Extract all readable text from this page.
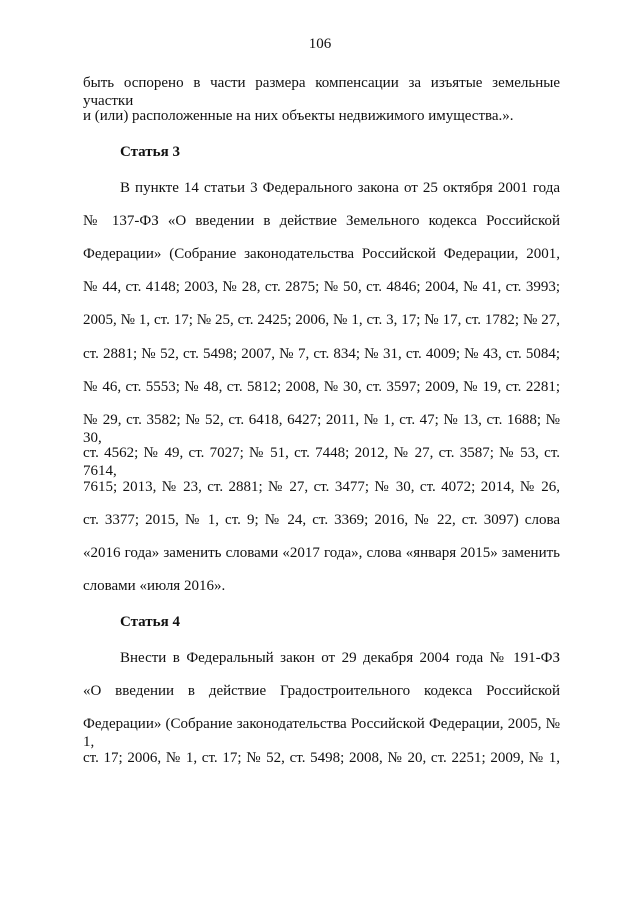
106
быть оспорено в части размера компенсации за изъятые земельные участки
и (или) расположенные на них объекты недвижимого имущества.».
Статья 3
В пункте 14 статьи 3 Федерального закона от 25 октября 2001 года
№ 137-ФЗ «О введении в действие Земельного кодекса Российской
Федерации» (Собрание законодательства Российской Федерации, 2001,
№ 44, ст. 4148; 2003, № 28, ст. 2875; № 50, ст. 4846; 2004, № 41, ст. 3993;
2005, № 1, ст. 17; № 25, ст. 2425; 2006, № 1, ст. 3, 17; № 17, ст. 1782; № 27,
ст. 2881; № 52, ст. 5498; 2007, № 7, ст. 834; № 31, ст. 4009; № 43, ст. 5084;
№ 46, ст. 5553; № 48, ст. 5812; 2008, № 30, ст. 3597; 2009, № 19, ст. 2281;
№ 29, ст. 3582; № 52, ст. 6418, 6427; 2011, № 1, ст. 47; № 13, ст. 1688; № 30,
ст. 4562; № 49, ст. 7027; № 51, ст. 7448; 2012, № 27, ст. 3587; № 53, ст. 7614,
7615; 2013, № 23, ст. 2881; № 27, ст. 3477; № 30, ст. 4072; 2014, № 26,
ст. 3377; 2015, № 1, ст. 9; № 24, ст. 3369; 2016, № 22, ст. 3097) слова
«2016 года» заменить словами «2017 года», слова «января 2015» заменить
словами «июля 2016».
Статья 4
Внести в Федеральный закон от 29 декабря 2004 года № 191-ФЗ
«О введении в действие Градостроительного кодекса Российской
Федерации» (Собрание законодательства Российской Федерации, 2005, № 1,
ст. 17; 2006, № 1, ст. 17; № 52, ст. 5498; 2008, № 20, ст. 2251; 2009, № 1,
